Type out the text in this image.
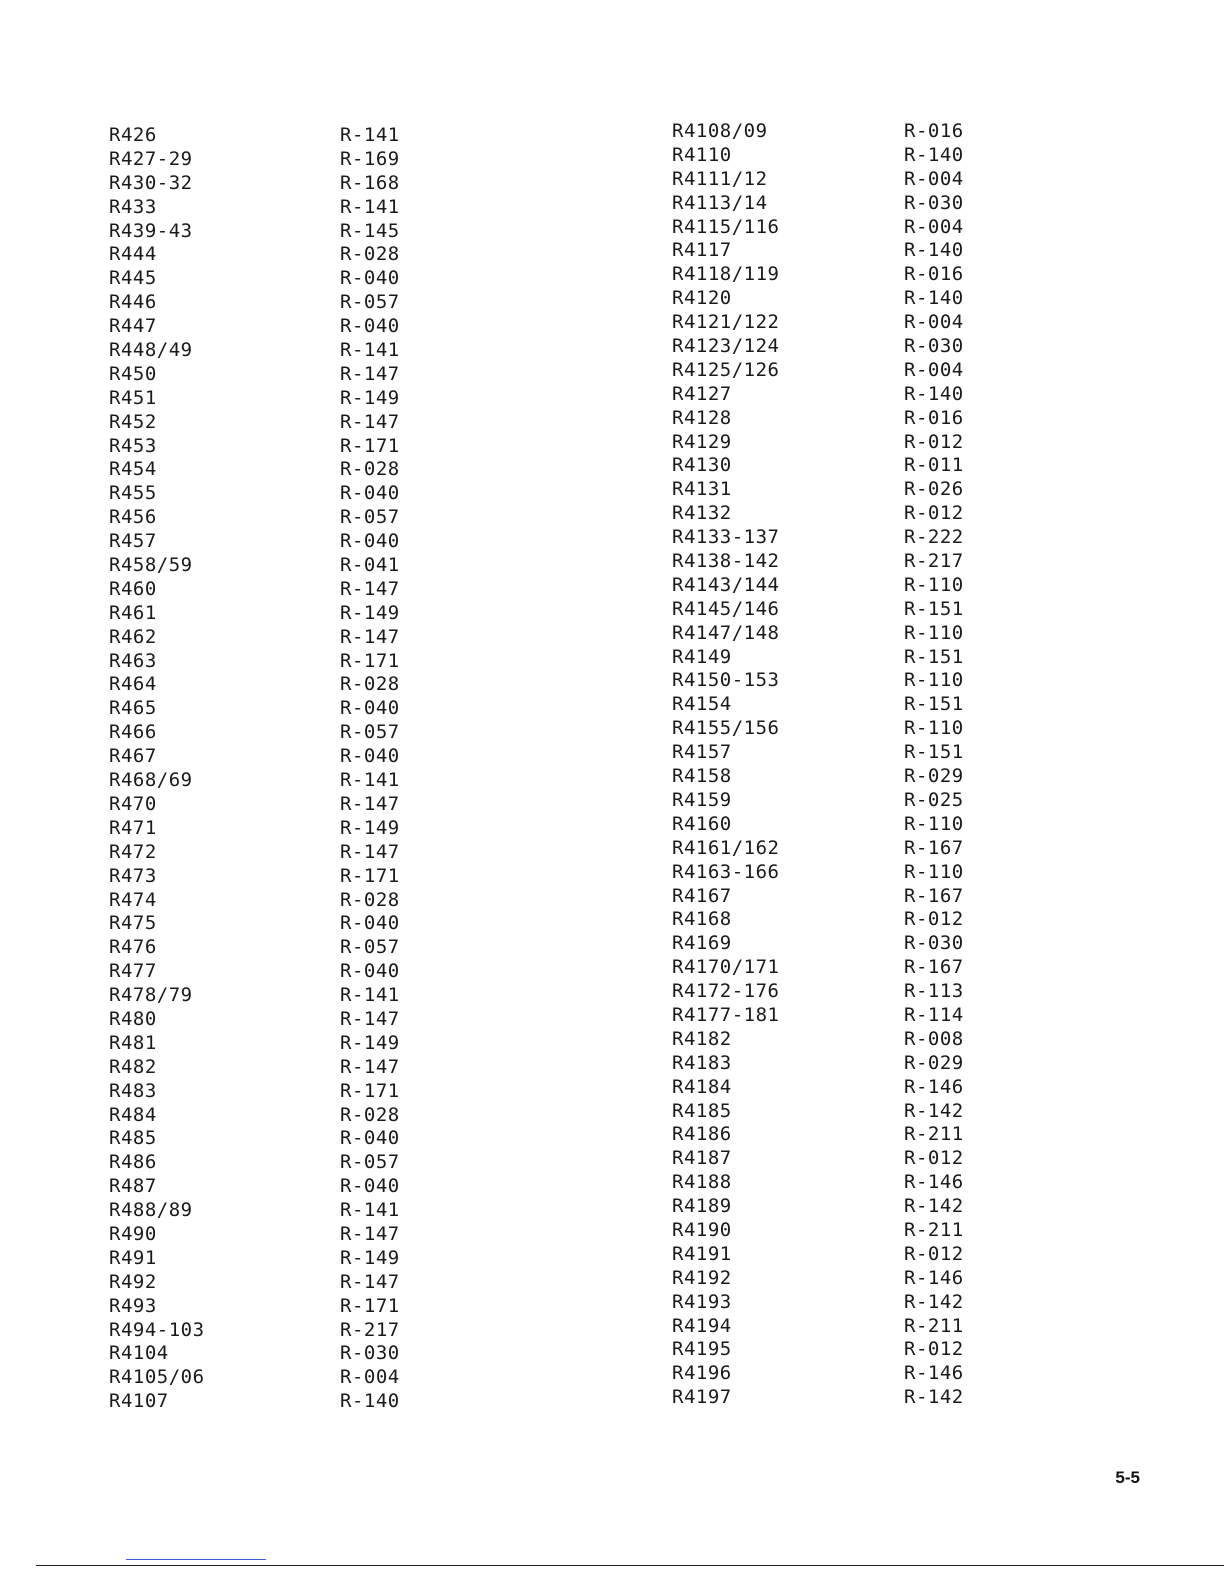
R426
R427-29
R430-32
R433
R439-43
R444
R445
R446
R447
R448/49
R450
R451
R452
R453
R454
R455
R456
R457
R458/59
R460
R461
R462
R463
R464
R465
R466
R467
R468/69
R470
R471
R472
R473
R474
R475
R476
R477
R478/79
R480
R481
R482
R483
R484
R485
R486
R487
R488/89
R490
R491
R492
R493
R494-103
R4104
R4105/06
R4107
R-141
R-169
R-168
R-141
R-145
R-028
R-040
R-057
R-040
R-141
R-147
R-149
R-147
R-171
R-028
R-040
R-057
R-040
R-041
R-147
R-149
R-147
R-171
R-028
R-040
R-057
R-040
R-141
R-147
R-149
R-147
R-171
R-028
R-040
R-057
R-040
R-141
R-147
R-149
R-147
R-171
R-028
R-040
R-057
R-040
R-141
R-147
R-149
R-147
R-171
R-217
R-030
R-004
R-140
R4108/09
R4110
R4111/12
R4113/14
R4115/116
R4117
R4118/119
R4120
R4121/122
R4123/124
R4125/126
R4127
R4128
R4129
R4130
R4131
R4132
R4133-137
R4138-142
R4143/144
R4145/146
R4147/148
R4149
R4150-153
R4154
R4155/156
R4157
R4158
R4159
R4160
R4161/162
R4163-166
R4167
R4168
R4169
R4170/171
R4172-176
R4177-181
R4182
R4183
R4184
R4185
R4186
R4187
R4188
R4189
R4190
R4191
R4192
R4193
R4194
R4195
R4196
R4197
R-016
R-140
R-004
R-030
R-004
R-140
R-016
R-140
R-004
R-030
R-004
R-140
R-016
R-012
R-011
R-026
R-012
R-222
R-217
R-110
R-151
R-110
R-151
R-110
R-151
R-110
R-151
R-029
R-025
R-110
R-167
R-110
R-167
R-012
R-030
R-167
R-113
R-114
R-008
R-029
R-146
R-142
R-211
R-012
R-146
R-142
R-211
R-012
R-146
R-142
R-211
R-012
R-146
R-142
5-5
